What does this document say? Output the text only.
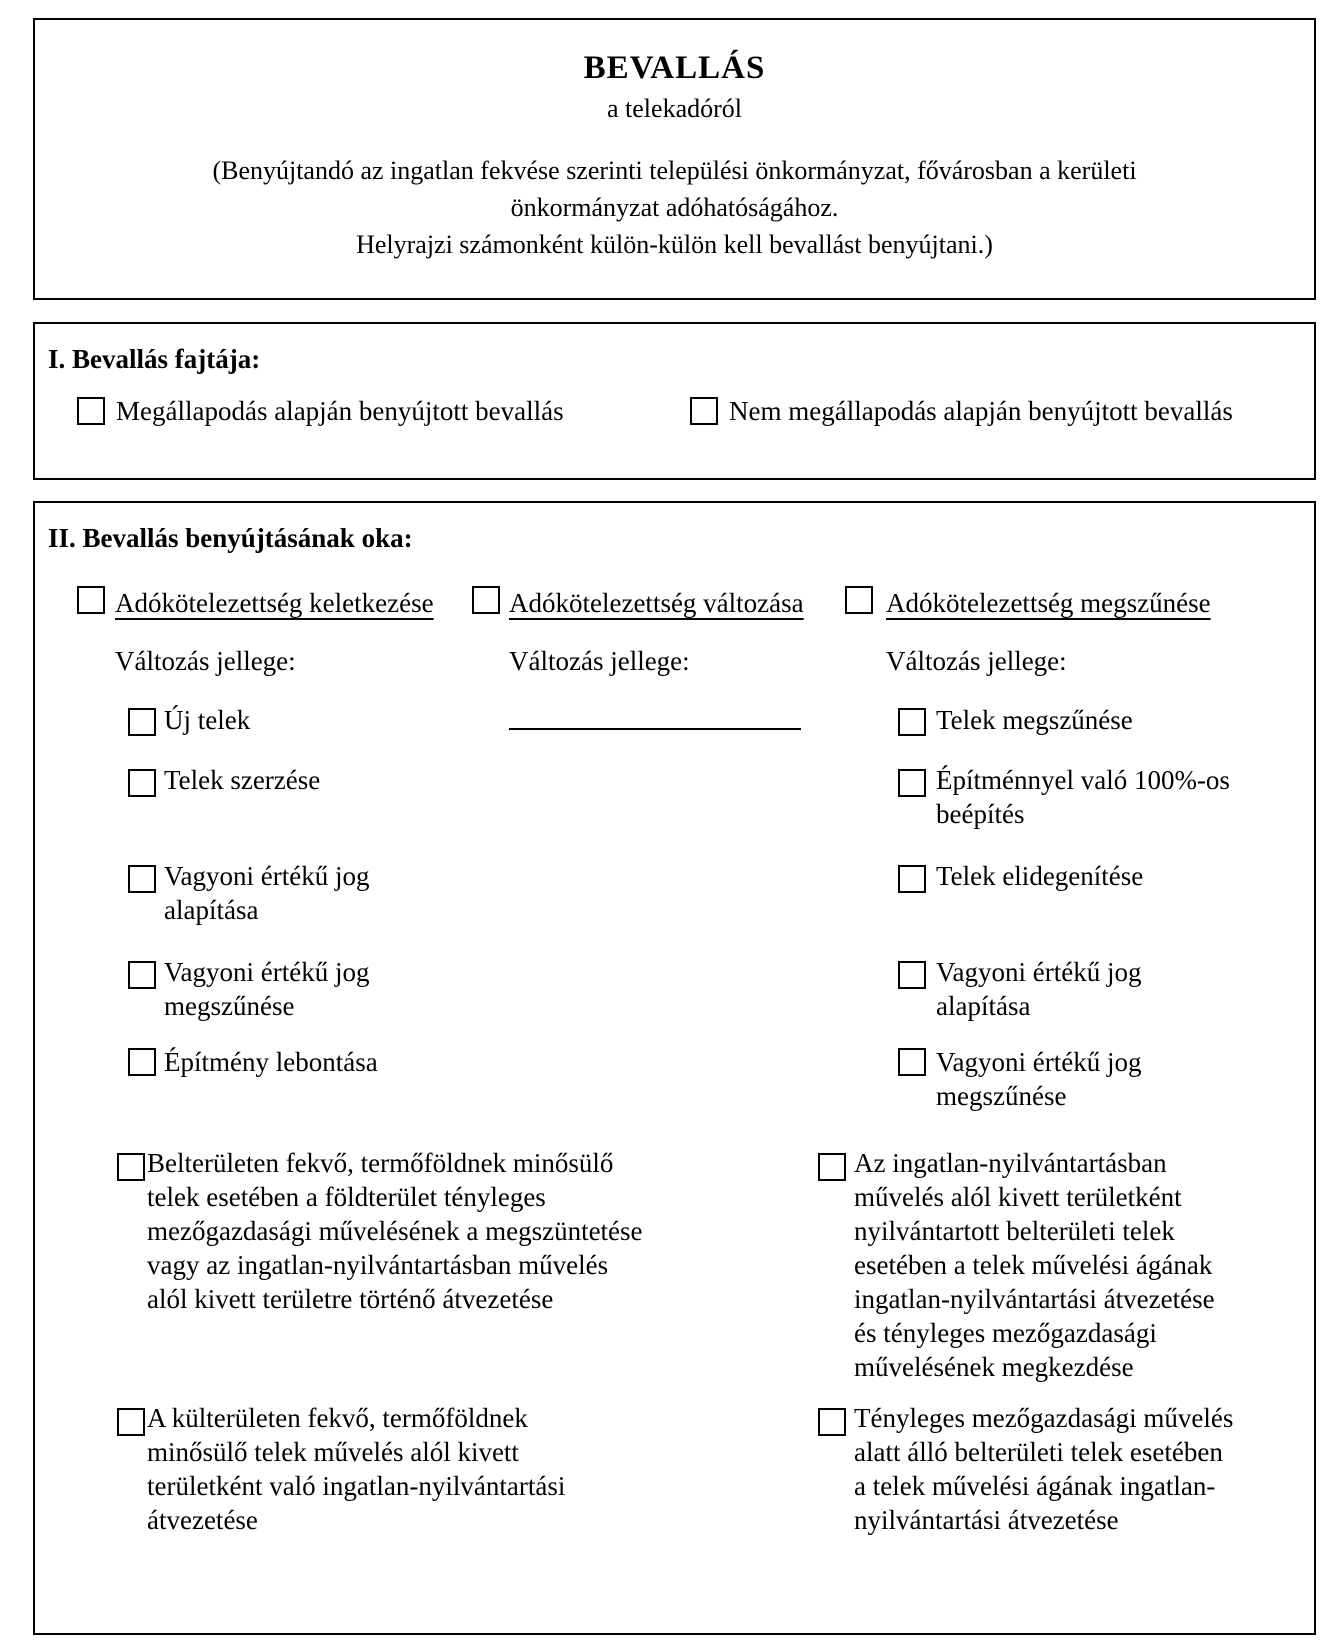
BEVALLÁS
a telekadóról
(Benyújtandó az ingatlan fekvése szerinti települési önkormányzat, fővárosban a kerületi
önkormányzat adóhatóságához.
Helyrajzi számonként külön-külön kell bevallást benyújtani.)
I. Bevallás fajtája:
Megállapodás alapján benyújtott bevallás	Nem megállapodás alapján benyújtott bevallás
II. Bevallás benyújtásának oka:
Adókötelezettség keletkezése	Adókötelezettség változása	Adókötelezettség megszűnése
Változás jellege:	Változás jellege:	Változás jellege:
Új telek
Telek szerzése
Vagyoni értékű jog
alapítása
Vagyoni értékű jog
megszűnése
Építmény lebontása
Telek megszűnése
Építménnyel való 100%-os
beépítés
Telek elidegenítése
Vagyoni értékű jog
alapítása
Vagyoni értékű jog
megszűnése
Belterületen fekvő, termőföldnek minősülő
telek esetében a földterület tényleges
mezőgazdasági művelésének a megszüntetése
vagy az ingatlan-nyilvántartásban művelés
alól kivett területre történő átvezetése
A külterületen fekvő, termőföldnek
minősülő telek művelés alól kivett
területként való ingatlan-nyilvántartási
átvezetése
Az ingatlan-nyilvántartásban
művelés alól kivett területként
nyilvántartott belterületi telek
esetében a telek művelési ágának
ingatlan-nyilvántartási átvezetése
és tényleges mezőgazdasági
művelésének megkezdése
Tényleges mezőgazdasági művelés
alatt álló belterületi telek esetében
a telek művelési ágának ingatlan-
nyilvántartási átvezetése
